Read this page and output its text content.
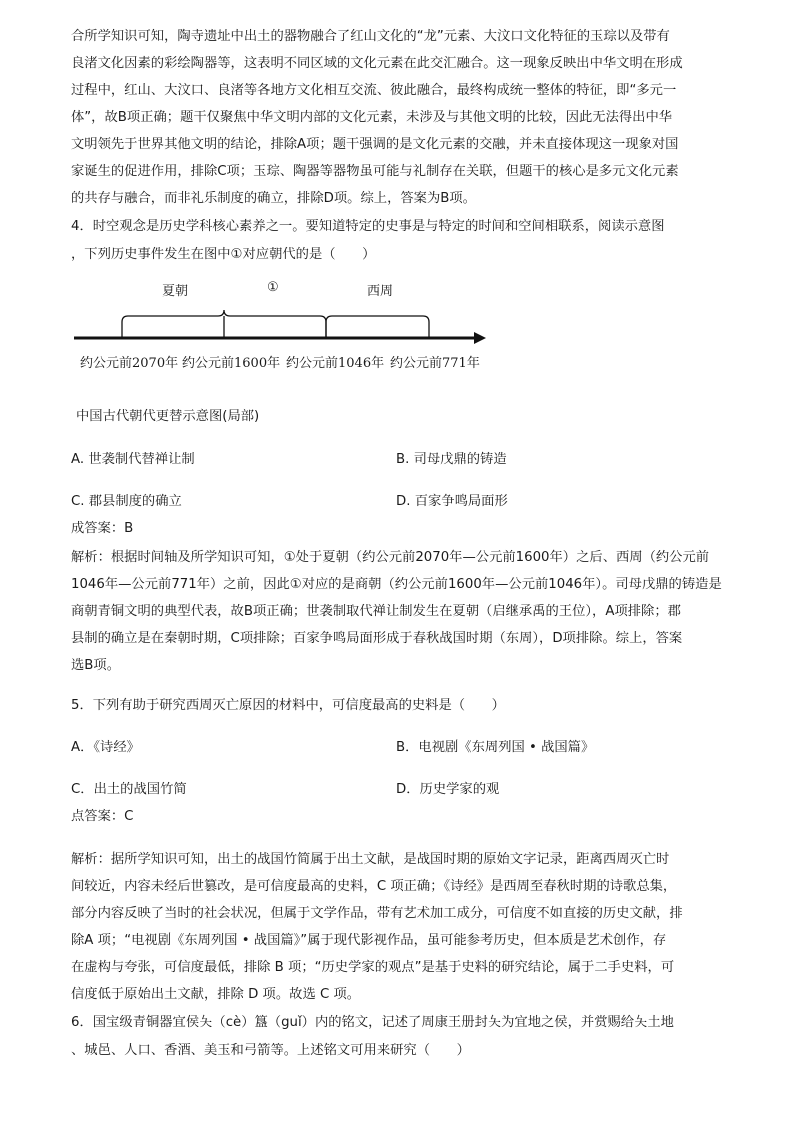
合所学知识可知，陶寺遗址中出土的器物融合了红山文化的“龙”元素、大汶口文化特征的玉琮以及带有
良渚文化因素的彩绘陶器等，这表明不同区域的文化元素在此交汇融合。这一现象反映出中华文明在形成
过程中，红山、大汶口、良渚等各地方文化相互交流、彼此融合，最终构成统一整体的特征，即“多元一
体”，故B项正确；题干仅聚焦中华文明内部的文化元素，未涉及与其他文明的比较，因此无法得出中华
文明领先于世界其他文明的结论，排除A项；题干强调的是文化元素的交融，并未直接体现这一现象对国
家诞生的促进作用，排除C项；玉琮、陶器等器物虽可能与礼制存在关联，但题干的核心是多元文化元素
的共存与融合，而非礼乐制度的确立，排除D项。综上，答案为B项。
4．时空观念是历史学科核心素养之一。要知道特定的史事是与特定的时间和空间相联系，阅读示意图
，下列历史事件发生在图中①对应朝代的是（　　）
夏朝	①	西周
约公元前2070年 约公元前1600年 约公元前1046年 约公元前771年
中国古代朝代更替示意图(局部)
A. 世袭制代替禅让制	B. 司母戊鼎的铸造
C. 郡县制度的确立	D. 百家争鸣局面形
成答案：B
解析：根据时间轴及所学知识可知，①处于夏朝（约公元前2070年—公元前1600年）之后、西周（约公元前
1046年—公元前771年）之前，因此①对应的是商朝（约公元前1600年—公元前1046年）。司母戊鼎的铸造是
商朝青铜文明的典型代表，故B项正确；世袭制取代禅让制发生在夏朝（启继承禹的王位），A项排除；郡
县制的确立是在秦朝时期，C项排除；百家争鸣局面形成于春秋战国时期（东周），D项排除。综上，答案
选B项。
5．下列有助于研究西周灭亡原因的材料中，可信度最高的史料是（　　）
A．《诗经》	B．电视剧《东周列国 • 战国篇》
C．出土的战国竹简	D．历史学家的观
点答案：C
解析：据所学知识可知，出土的战国竹简属于出土文献，是战国时期的原始文字记录，距离西周灭亡时
间较近，内容未经后世篡改，是可信度最高的史料，C 项正确；《诗经》是西周至春秋时期的诗歌总集，
部分内容反映了当时的社会状况，但属于文学作品，带有艺术加工成分，可信度不如直接的历史文献，排
除A 项；“电视剧《东周列国 • 战国篇》”属于现代影视作品，虽可能参考历史，但本质是艺术创作，存
在虚构与夸张，可信度最低，排除 B 项；“历史学家的观点”是基于史料的研究结论，属于二手史料，可
信度低于原始出土文献，排除 D 项。故选 C 项。
6．国宝级青铜器宜侯夨（cè）簋（guǐ）内的铭文，记述了周康王册封夨为宜地之侯，并赏赐给夨土地
、城邑、人口、香酒、美玉和弓箭等。上述铭文可用来研究（　　）
